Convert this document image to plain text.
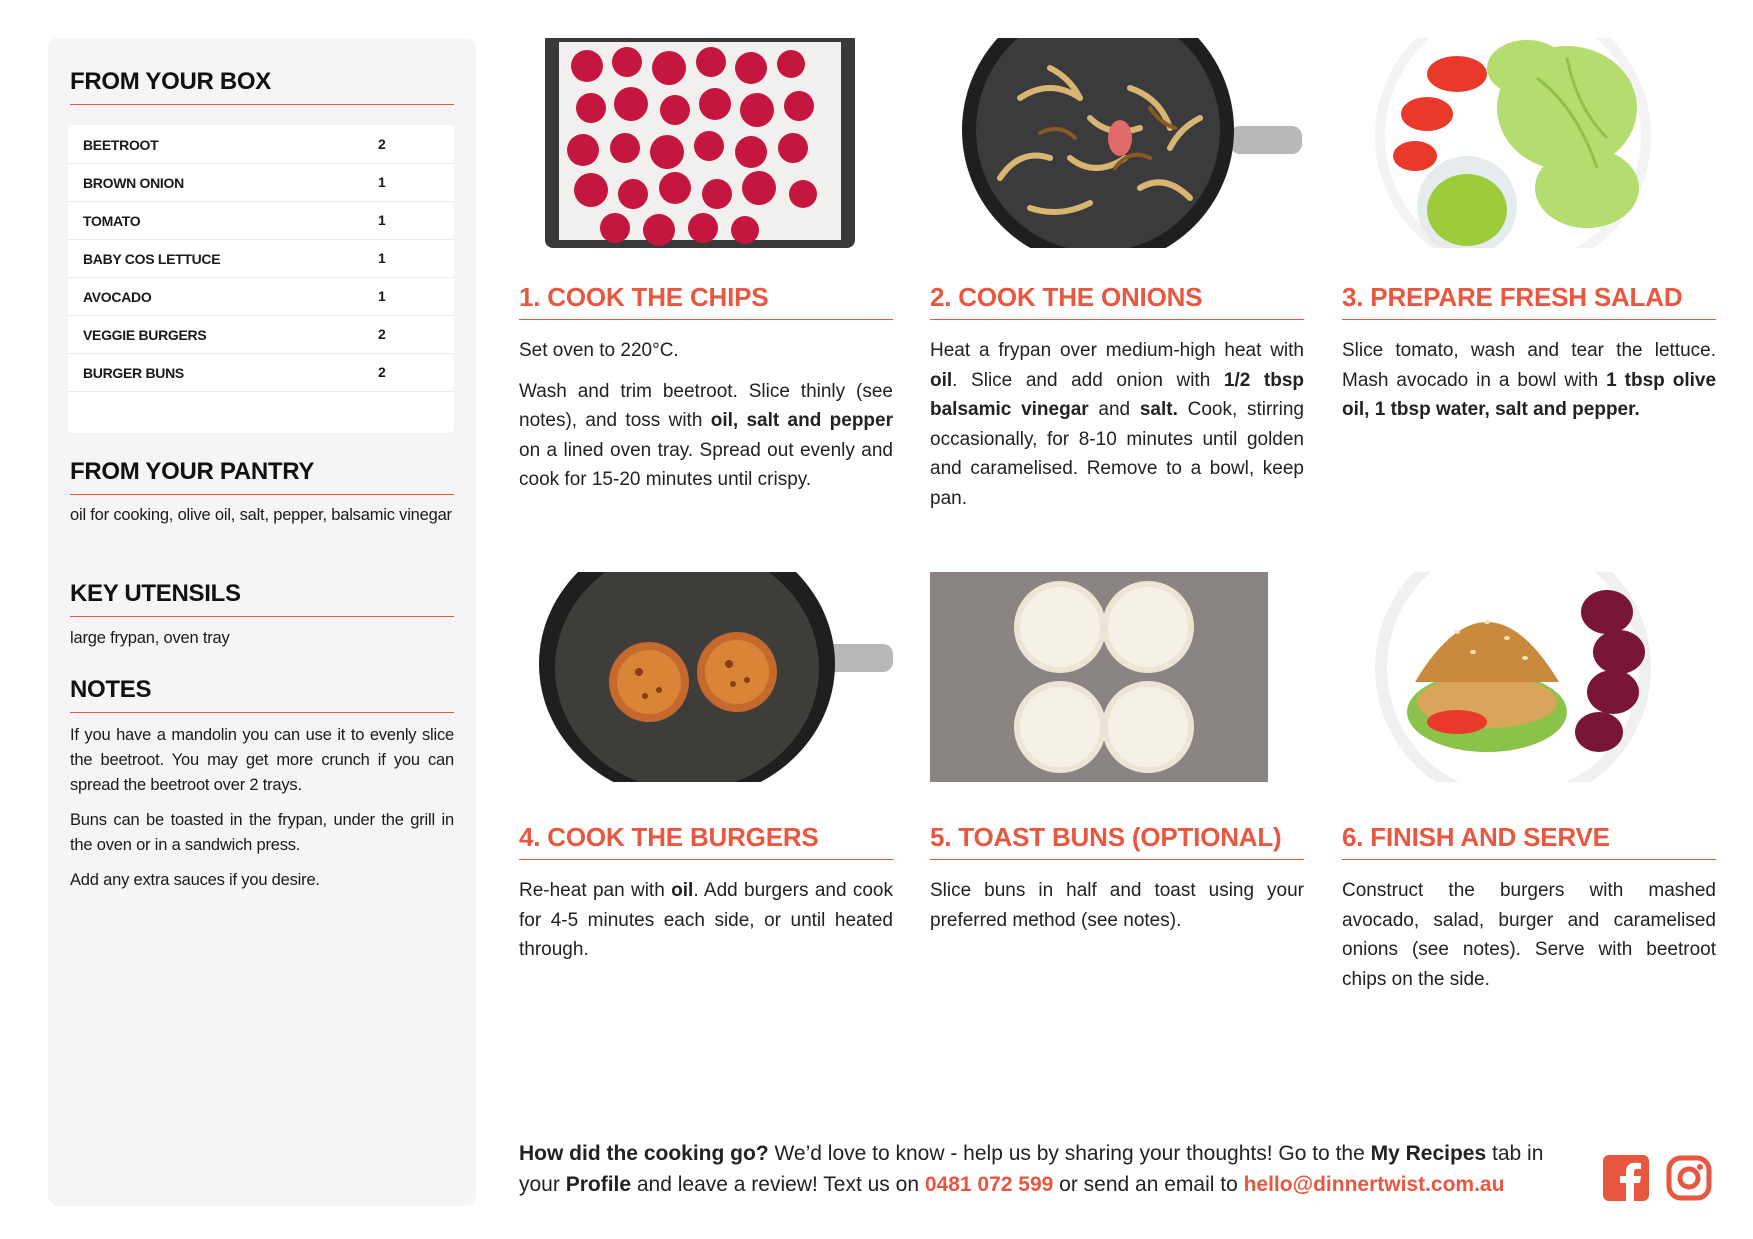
FROM YOUR BOX
BEETROOT	2
BROWN ONION	1
TOMATO	1
BABY COS LETTUCE	1
AVOCADO	1
VEGGIE BURGERS	2
BURGER BUNS	2
FROM YOUR PANTRY

oil for cooking, olive oil, salt, pepper, balsamic vinegar

KEY UTENSILS

large frypan, oven tray

NOTES

If you have a mandolin you can use it to evenly slice the beetroot. You may get more crunch if you can spread the beetroot over 2 trays.

Buns can be toasted in the frypan, under the grill in the oven or in a sandwich press.

Add any extra sauces if you desire.

1. COOK THE CHIPS

Set oven to 220°C.

Wash and trim beetroot. Slice thinly (see notes), and toss with oil, salt and pepper on a lined oven tray. Spread out evenly and cook for 15-20 minutes until crispy.

2. COOK THE ONIONS

Heat a frypan over medium-high heat with oil. Slice and add onion with 1/2 tbsp balsamic vinegar and salt. Cook, stirring occasionally, for 8-10 minutes until golden and caramelised. Remove to a bowl, keep pan.

3. PREPARE FRESH SALAD

Slice tomato, wash and tear the lettuce. Mash avocado in a bowl with 1 tbsp olive oil, 1 tbsp water, salt and pepper.

4. COOK THE BURGERS

Re-heat pan with oil. Add burgers and cook for 4-5 minutes each side, or until heated through.

5. TOAST BUNS (OPTIONAL)

Slice buns in half and toast using your preferred method (see notes).

6. FINISH AND SERVE

Construct the burgers with mashed avocado, salad, burger and caramelised onions (see notes). Serve with beetroot chips on the side.

How did the cooking go? We’d love to know - help us by sharing your thoughts! Go to the My Recipes tab in your Profile and leave a review! Text us on 0481 072 599 or send an email to hello@dinnertwist.com.au
